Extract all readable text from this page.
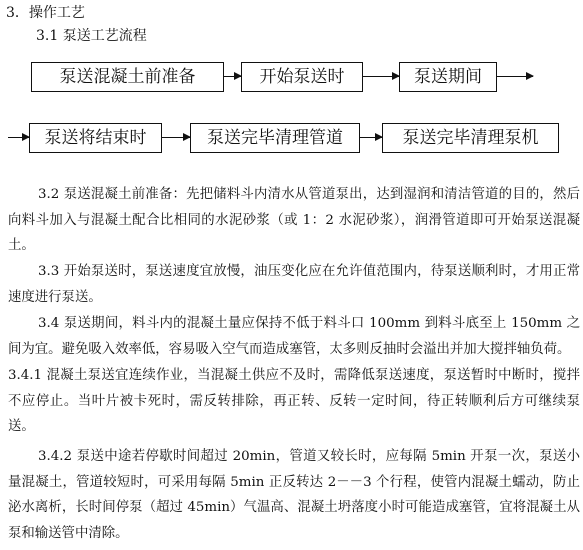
3．操作工艺
3.1 泵送工艺流程
泵送混凝土前准备	开始泵送时	泵送期间
泵送将结束时	泵送完毕清理管道	泵送完毕清理泵机
3.2 泵送混凝土前准备：先把储料斗内清水从管道泵出，达到湿润和清洁管道的目的，然后向料斗加入与混凝土配合比相同的水泥砂浆（或 1：2 水泥砂浆），润滑管道即可开始泵送混凝土。
3.3 开始泵送时，泵送速度宜放慢，油压变化应在允许值范围内，待泵送顺利时，才用正常速度进行泵送。
3.4 泵送期间，料斗内的混凝土量应保持不低于料斗口 100mm 到料斗底至上 150mm 之间为宜。避免吸入效率低，容易吸入空气而造成塞管，太多则反抽时会溢出并加大搅拌轴负荷。
3.4.1 混凝土泵送宜连续作业，当混凝土供应不及时，需降低泵送速度，泵送暂时中断时，搅拌不应停止。当叶片被卡死时，需反转排除，再正转、反转一定时间，待正转顺利后方可继续泵送。
3.4.2 泵送中途若停歇时间超过 20min，管道又较长时，应每隔 5min 开泵一次，泵送小量混凝土，管道较短时，可采用每隔 5min 正反转达 2－－3 个行程，使管内混凝土蠕动，防止泌水离析，长时间停泵（超过 45min）气温高、混凝土坍落度小时可能造成塞管，宜将混凝土从泵和输送管中清除。
